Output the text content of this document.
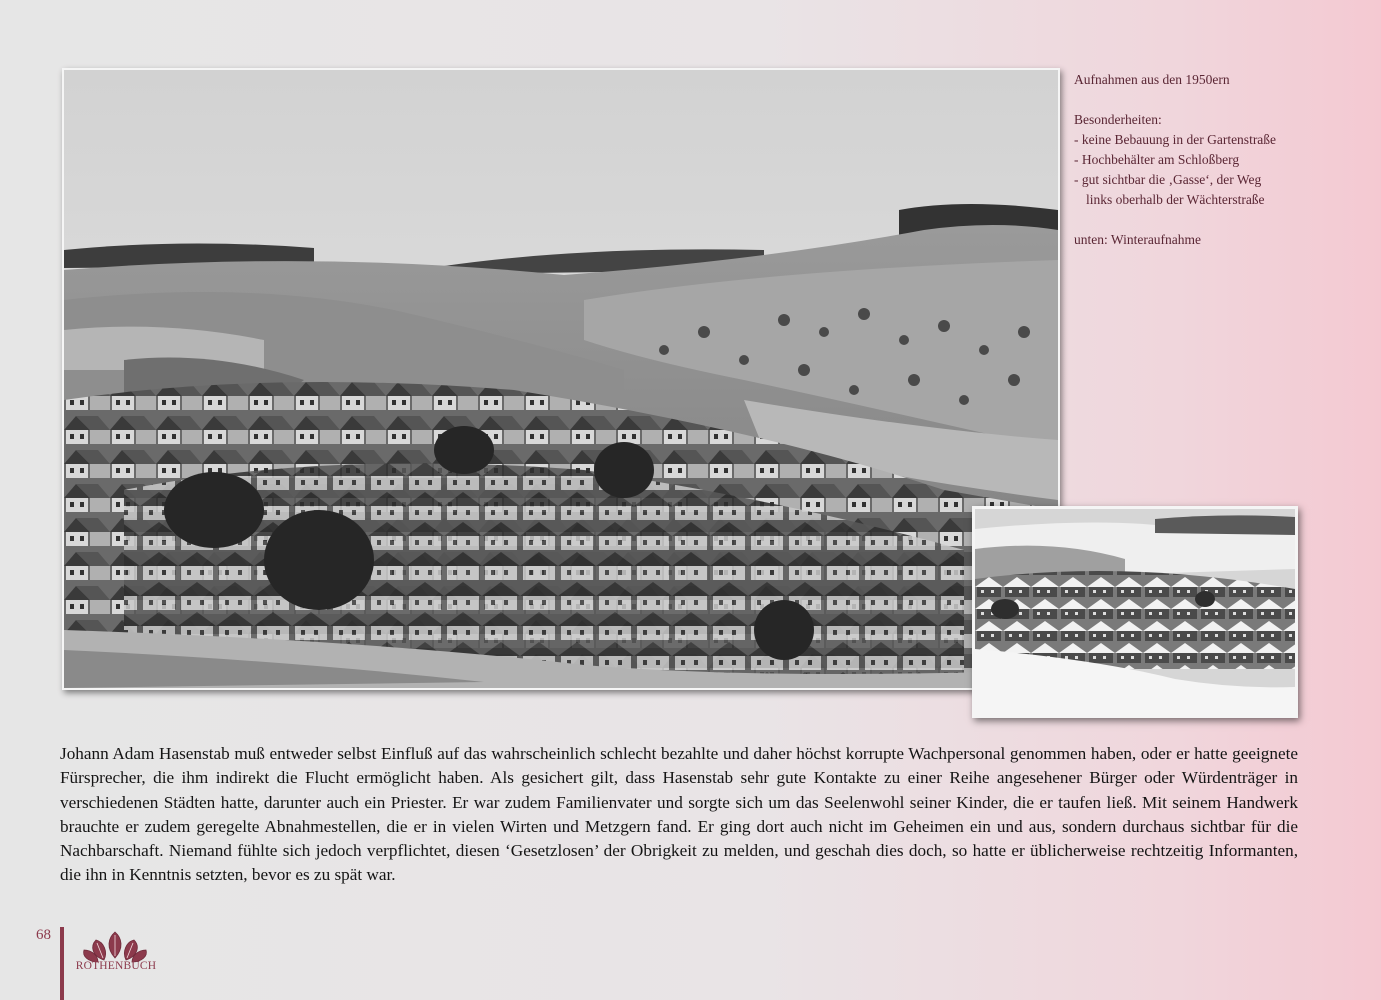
Aufnahmen aus den 1950ern

Besonderheiten:

- keine Bebauung in der Gartenstraße

- Hochbehälter am Schloßberg

- gut sichtbar die ‚Gasse‘, der Weg

links oberhalb der Wächterstraße

unten: Winteraufnahme

Johann Adam Hasenstab muß entweder selbst Einfluß auf das wahrscheinlich schlecht bezahlte und daher höchst korrupte Wachpersonal genommen haben, oder er hatte geeignete Fürsprecher, die ihm indirekt die Flucht ermöglicht haben. Als gesichert gilt, dass Hasenstab sehr gute Kontakte zu einer Reihe angesehener Bürger oder Würdenträger in verschiedenen Städten hatte, darunter auch ein Priester. Er war zudem Familienvater und sorgte sich um das Seelenwohl seiner Kinder, die er taufen ließ. Mit seinem Handwerk brauchte er zudem geregelte Abnahmestellen, die er in vielen Wirten und Metzgern fand. Er ging dort auch nicht im Geheimen ein und aus, sondern durchaus sichtbar für die Nachbarschaft. Niemand fühlte sich jedoch verpflichtet, diesen ‘Gesetzlosen’ der Obrigkeit zu melden, und geschah dies doch, so hatte er üblicherweise rechtzeitig Informanten, die ihn in Kenntnis setzten, bevor es zu spät war.

68
ROTHENBUCH
